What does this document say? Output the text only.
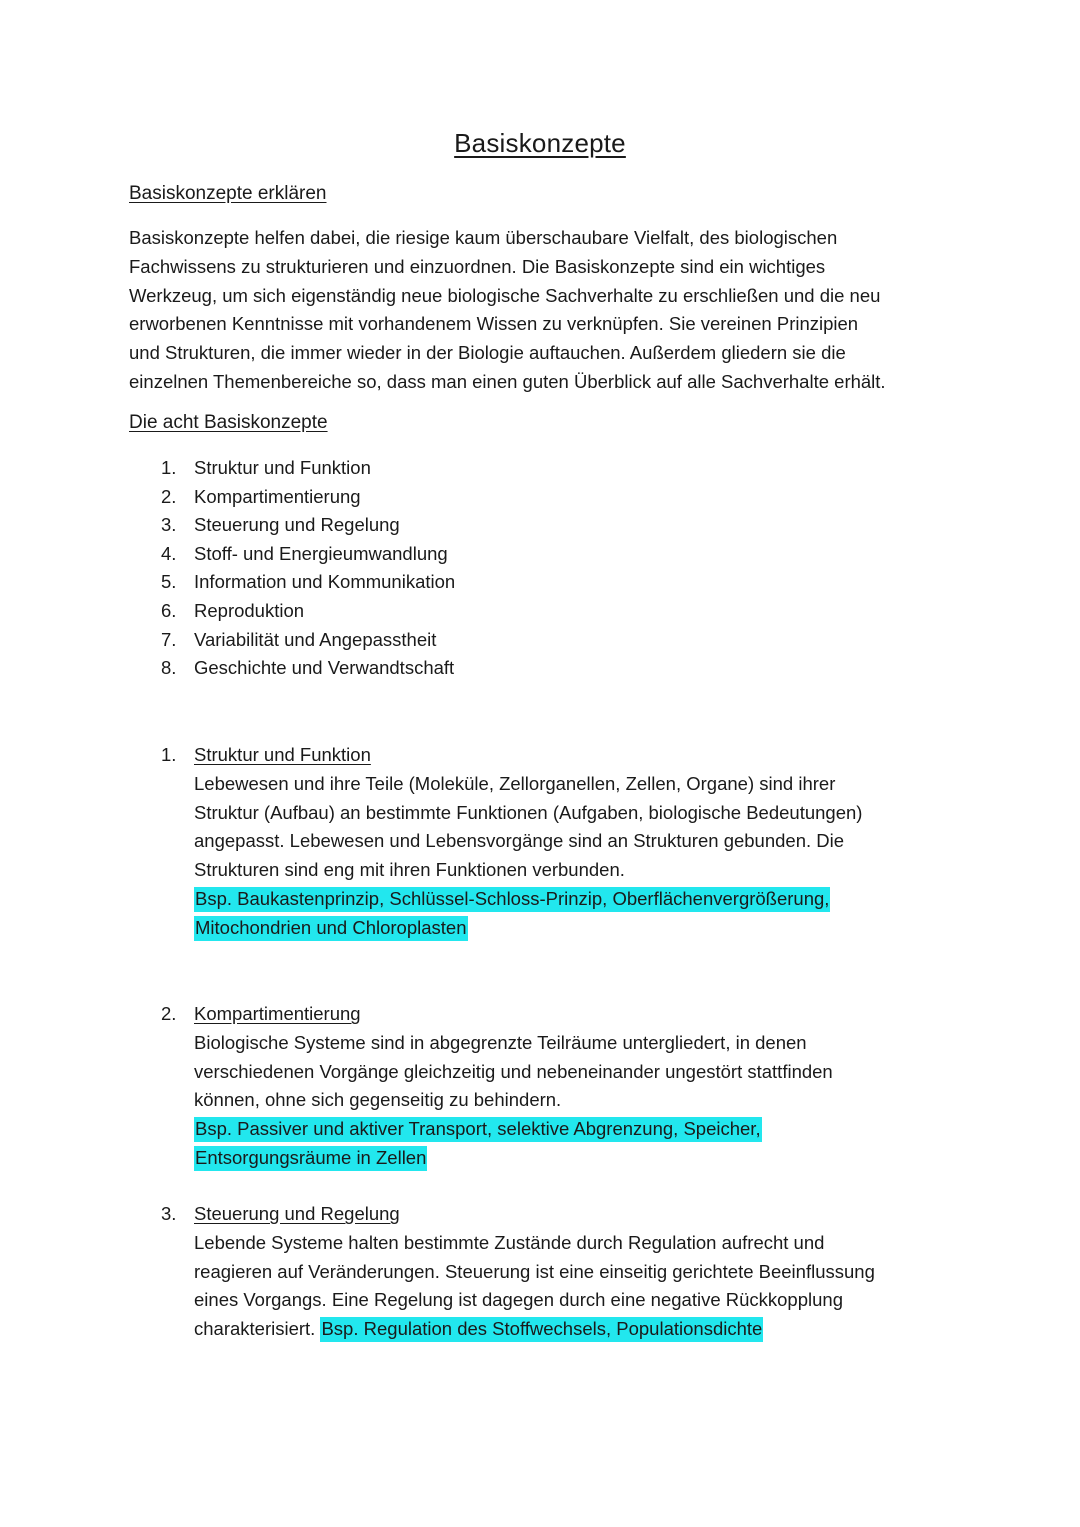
Basiskonzepte
Basiskonzepte erklären
Basiskonzepte helfen dabei, die riesige kaum überschaubare Vielfalt, des biologischen
Fachwissens zu strukturieren und einzuordnen. Die Basiskonzepte sind ein wichtiges
Werkzeug, um sich eigenständig neue biologische Sachverhalte zu erschließen und die neu
erworbenen Kenntnisse mit vorhandenem Wissen zu verknüpfen. Sie vereinen Prinzipien
und Strukturen, die immer wieder in der Biologie auftauchen. Außerdem gliedern sie die
einzelnen Themenbereiche so, dass man einen guten Überblick auf alle Sachverhalte erhält.
Die acht Basiskonzepte
1. Struktur und Funktion
2. Kompartimentierung
3. Steuerung und Regelung
4. Stoff- und Energieumwandlung
5. Information und Kommunikation
6. Reproduktion
7. Variabilität und Angepasstheit
8. Geschichte und Verwandtschaft
1. Struktur und Funktion
Lebewesen und ihre Teile (Moleküle, Zellorganellen, Zellen, Organe) sind ihrer
Struktur (Aufbau) an bestimmte Funktionen (Aufgaben, biologische Bedeutungen)
angepasst. Lebewesen und Lebensvorgänge sind an Strukturen gebunden. Die
Strukturen sind eng mit ihren Funktionen verbunden.
Bsp. Baukastenprinzip, Schlüssel-Schloss-Prinzip, Oberflächenvergrößerung,
Mitochondrien und Chloroplasten
2. Kompartimentierung
Biologische Systeme sind in abgegrenzte Teilräume untergliedert, in denen
verschiedenen Vorgänge gleichzeitig und nebeneinander ungestört stattfinden
können, ohne sich gegenseitig zu behindern.
Bsp. Passiver und aktiver Transport, selektive Abgrenzung, Speicher,
Entsorgungsräume in Zellen
3. Steuerung und Regelung
Lebende Systeme halten bestimmte Zustände durch Regulation aufrecht und
reagieren auf Veränderungen. Steuerung ist eine einseitig gerichtete Beeinflussung
eines Vorgangs. Eine Regelung ist dagegen durch eine negative Rückkopplung
charakterisiert. Bsp. Regulation des Stoffwechsels, Populationsdichte
